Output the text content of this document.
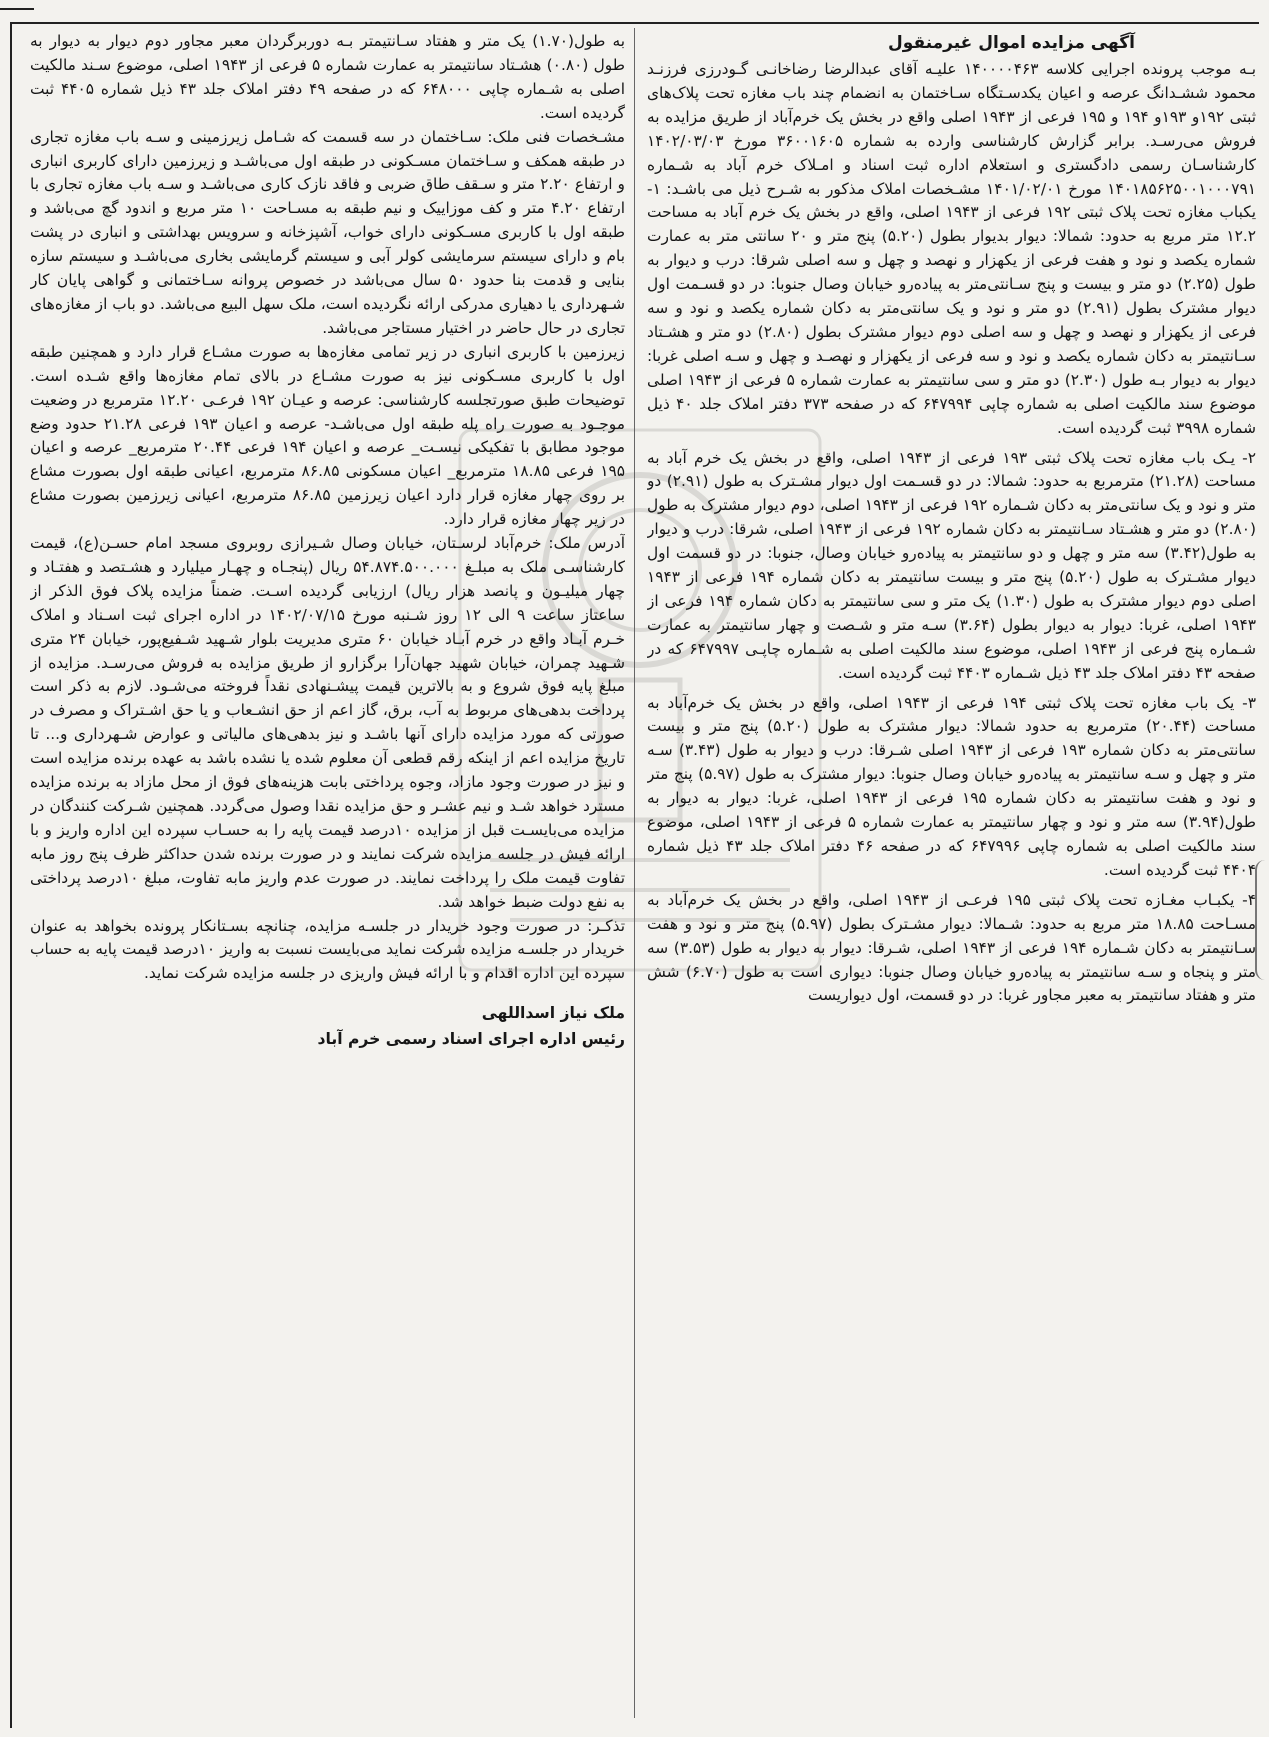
آگهی مزایده اموال غیرمنقول

بـه موجب پرونده اجرایی کلاسه ۱۴۰۰۰۰۴۶۳ علیـه آقای عبدالرضا رضاخانـی گـودرزی فرزنـد محمود ششـدانگ عرصه و اعیان یکدسـتگاه سـاختمان به انضمام چند باب مغازه تحت پلاک‌های ثبتی ۱۹۲و ۱۹۳و ۱۹۴ و ۱۹۵ فرعی از ۱۹۴۳ اصلی واقع در بخش یک خرم‌آباد از طریق مزایده به فروش می‌رسـد. برابر گزارش کارشناسی وارده به شماره ۳۶۰۰۱۶۰۵ مورخ ۱۴۰۲/۰۳/۰۳ کارشناسـان رسمی دادگستری و استعلام اداره ثبت اسناد و امـلاک خرم آباد به شـماره ۱۴۰۱۸۵۶۲۵۰۰۱۰۰۰۷۹۱ مورخ ۱۴۰۱/۰۲/۰۱ مشـخصات املاک مذکور به شـرح ذیل می باشـد: ۱- یکباب مغازه تحت پلاک ثبتی ۱۹۲ فرعی از ۱۹۴۳ اصلی، واقع در بخش یک خرم آباد به مساحت ۱۲.۲ متر مربع به حدود: شمالا: دیوار بدیوار بطول (۵.۲۰) پنج متر و ۲۰ سانتی متر به عمارت شماره یکصد و نود و هفت فرعی از یکهزار و نهصد و چهل و سه اصلی شرقا: درب و دیوار به طول (۲.۲۵) دو متر و بیست و پنج سـانتی‌متر به پیاده‌رو خیابان وصال جنوبا: در دو قسـمت اول دیوار مشترک بطول (۲.۹۱) دو متر و نود و یک سانتی‌متر به دکان شماره یکصد و نود و سه فرعی از یکهزار و نهصد و چهل و سه اصلی دوم دیوار مشترک بطول (۲.۸۰) دو متر و هشـتاد سـانتیمتر به دکان شماره یکصد و نود و سه فرعی از یکهزار و نهصـد و چهل و سـه اصلی غربا: دیوار به دیوار بـه طول (۲.۳۰) دو متر و سی سانتیمتر به عمارت شماره ۵ فرعی از ۱۹۴۳ اصلی موضوع سند مالکیت اصلی به شماره چاپی ۶۴۷۹۹۴ که در صفحه ۳۷۳ دفتر املاک جلد ۴۰ ذیل شماره ۳۹۹۸ ثبت گردیده است.

۲- یـک باب مغازه تحت پلاک ثبتی ۱۹۳ فرعی از ۱۹۴۳ اصلی، واقع در بخش یک خرم آباد به مساحت (۲۱.۲۸) مترمربع به حدود: شمالا: در دو قسـمت اول دیوار مشـترک به طول (۲.۹۱) دو متر و نود و یک سانتی‌متر به دکان شـماره ۱۹۲ فرعی از ۱۹۴۳ اصلی، دوم دیوار مشترک به طول (۲.۸۰) دو متر و هشـتاد سـانتیمتر به دکان شماره ۱۹۲ فرعی از ۱۹۴۳ اصلی، شرقا: درب و دیوار به طول(۳.۴۲) سه متر و چهل و دو سانتیمتر به پیاده‌رو خیابان وصال، جنوبا: در دو قسمت اول دیوار مشـترک به طول (۵.۲۰) پنج متر و بیست سانتیمتر به دکان شماره ۱۹۴ فرعی از ۱۹۴۳ اصلی دوم دیوار مشترک به طول (۱.۳۰) یک متر و سی سانتیمتر به دکان شماره ۱۹۴ فرعی از ۱۹۴۳ اصلی، غربا: دیوار به دیوار بطول (۳.۶۴) سـه متر و شـصت و چهار سانتیمتر به عمارت شـماره پنج فرعی از ۱۹۴۳ اصلی، موضوع سند مالکیت اصلی به شـماره چاپـی ۶۴۷۹۹۷ که در صفحه ۴۳ دفتر املاک جلد ۴۳ ذیل شـماره ۴۴۰۳ ثبت گردیده است.

۳- یک باب مغازه تحت پلاک ثبتی ۱۹۴ فرعی از ۱۹۴۳ اصلی، واقع در بخش یک خرم‌آباد به مساحت (۲۰.۴۴) مترمربع به حدود شمالا: دیوار مشترک به طول (۵.۲۰) پنج متر و بیست سانتی‌متر به دکان شماره ۱۹۳ فرعی از ۱۹۴۳ اصلی شـرقا: درب و دیوار به طول (۳.۴۳) سـه متر و چهل و سـه سانتیمتر به پیاده‌رو خیابان وصال جنوبا: دیوار مشترک به طول (۵.۹۷) پنج متر و نود و هفت سانتیمتر به دکان شماره ۱۹۵ فرعی از ۱۹۴۳ اصلی، غربا: دیوار به دیوار به طول(۳.۹۴) سه متر و نود و چهار سانتیمتر به عمارت شماره ۵ فرعی از ۱۹۴۳ اصلی، موضوع سند مالکیت اصلی به شماره چاپی ۶۴۷۹۹۶ که در صفحه ۴۶ دفتر املاک جلد ۴۳ ذیل شماره ۴۴۰۴ ثبت گردیده است.

۴- یکبـاب مغـازه تحت پلاک ثبتی ۱۹۵ فرعـی از ۱۹۴۳ اصلی، واقع در بخش یک خرم‌آباد به مسـاحت ۱۸.۸۵ متر مربع به حدود: شـمالا: دیوار مشـترک بطول (۵.۹۷) پنج متر و نود و هفت سـانتیمتر به دکان شـماره ۱۹۴ فرعی از ۱۹۴۳ اصلی، شـرقا: دیوار به دیوار به طول (۳.۵۳) سه متر و پنجاه و سـه سانتیمتر به پیاده‌رو خیابان وصال جنوبا: دیواری است به طول (۶.۷۰) شش متر و هفتاد سانتیمتر به معبر مجاور غربا: در دو قسمت، اول دیواریست

به طول(۱.۷۰) یک متر و هفتاد سـانتیمتر بـه دوربرگردان معبر مجاور دوم دیوار به دیوار به طول (۰.۸۰) هشـتاد سانتیمتر به عمارت شماره ۵ فرعی از ۱۹۴۳ اصلی، موضوع سـند مالکیت اصلی به شـماره چاپی ۶۴۸۰۰۰ که در صفحه ۴۹ دفتر املاک جلد ۴۳ ذیل شماره ۴۴۰۵ ثبت گردیده است.

مشـخصات فنی ملک: سـاختمان در سه قسمت که شـامل زیرزمینی و سـه باب مغازه تجاری در طبقه همکف و سـاختمان مسـکونی در طبقه اول می‌باشـد و زیرزمین دارای کاربری انباری و ارتفاع ۲.۲۰ متر و سـقف طاق ضربی و فاقد نازک کاری می‌باشـد و سـه باب مغازه تجاری با ارتفاع ۴.۲۰ متر و کف موزاییک و نیم طبقه به مسـاحت ۱۰ متر مربع و اندود گچ می‌باشد و طبقه اول با کاربری مسـکونی دارای خواب، آشپزخانه و سرویس بهداشتی و انباری در پشت بام و دارای سیستم سرمایشی کولر آبی و سیستم گرمایشی بخاری می‌باشـد و سیستم سازه بنایی و قدمت بنا حدود ۵۰ سال می‌باشد در خصوص پروانه سـاختمانی و گواهی پایان کار شـهرداری یا دهیاری مدرکی ارائه نگردیده است، ملک سهل البیع می‌باشد. دو باب از مغازه‌های تجاری در حال حاضر در اختیار مستاجر می‌باشد.

زیرزمین با کاربری انباری در زیر تمامی مغازه‌ها به صورت مشـاع قرار دارد و همچنین طبقه اول با کاربری مسـکونی نیز به صورت مشـاع در بالای تمام مغازه‌ها واقع شـده است. توضیحات طبق صورتجلسه کارشناسی: عرصه و عیـان ۱۹۲ فرعـی ۱۲.۲۰ مترمربع در وضعیت موجـود به صورت راه پله طبقه اول می‌باشـد- عرصه و اعیان ۱۹۳ فرعی ۲۱.۲۸ حدود وضع موجود مطابق با تفکیکی نیسـت_ عرصه و اعیان ۱۹۴ فرعی ۲۰.۴۴ مترمربع_ عرصه و اعیان ۱۹۵ فرعی ۱۸.۸۵ مترمربع_ اعیان مسکونی ۸۶.۸۵ مترمربع، اعیانی طبقه اول بصورت مشاع بر روی چهار مغازه قرار دارد اعیان زیرزمین ۸۶.۸۵ مترمربع، اعیانی زیرزمین بصورت مشاع در زیر چهار مغازه قرار دارد.

آدرس ملک: خرم‌آباد لرسـتان، خیابان وصال شـیرازی روبروی مسجد امام حسـن(ع)، قیمت کارشناسـی ملک به مبلـغ ۵۴.۸۷۴.۵۰۰.۰۰۰ ریال (پنجـاه و چهـار میلیارد و هشـتصد و هفتـاد و چهار میلیـون و پانصد هزار ریال) ارزیابی گردیده اسـت. ضمناً مزایده پلاک فوق الذکر از ساعتاز ساعت ۹ الی ۱۲ روز شـنبه مورخ ۱۴۰۲/۰۷/۱۵ در اداره اجرای ثبت اسـناد و املاک خـرم آبـاد واقع در خرم آبـاد خیابان ۶۰ متری مدیریت بلوار شـهید شـفیع‌پور، خیابان ۲۴ متری شـهید چمران، خیابان شهید جهان‌آرا برگزارو از طریق مزایده به فروش می‌رسـد. مزایده از مبلغ پایه فوق شروع و به بالاترین قیمت پیشـنهادی نقداً فروخته می‌شـود. لازم به ذکر است پرداخت بدهی‌های مربوط به آب، برق، گاز اعم از حق انشـعاب و یا حق اشـتراک و مصرف در صورتی که مورد مزایده دارای آنها باشـد و نیز بدهی‌های مالیاتی و عوارض شـهرداری و... تا تاریخ مزایده اعم از اینکه رقم قطعی آن معلوم شده یا نشده باشد به عهده برنده مزایده است و نیز در صورت وجود مازاد، وجوه پرداختی بابت هزینه‌های فوق از محل مازاد به برنده مزایده مسترد خواهد شـد و نیم عشـر و حق مزایده نقدا وصول می‌گردد. همچنین شـرکت کنندگان در مزایده می‌بایسـت قبل از مزایده ۱۰درصد قیمت پایه را به حسـاب سپرده این اداره واریز و با ارائه فیش در جلسه مزایده شرکت نمایند و در صورت برنده شدن حداکثر ظرف پنج روز مابه تفاوت قیمت ملک را پرداخت نمایند. در صورت عدم واریز مابه تفاوت، مبلغ ۱۰درصد پرداختی به نفع دولت ضبط خواهد شد.

تذکـر: در صورت وجود خریدار در جلسـه مزایده، چنانچه بسـتانکار پرونده بخواهد به عنوان خریدار در جلسـه مزایده شرکت نماید می‌بایست نسبت به واریز ۱۰درصد قیمت پایه به حساب سپرده این اداره اقدام و با ارائه فیش واریزی در جلسه مزایده شرکت نماید.

ملک نیاز اسداللهی

رئیس اداره اجرای اسناد رسمی خرم آباد
